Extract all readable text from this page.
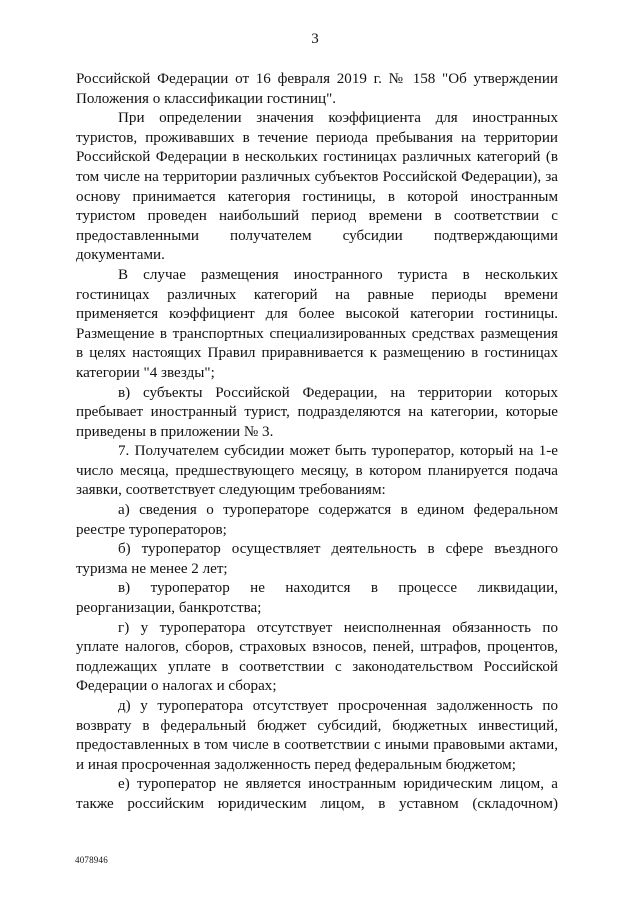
3

Российской Федерации от 16 февраля 2019 г. № 158 "Об утверждении Положения о классификации гостиниц".

При определении значения коэффициента для иностранных туристов, проживавших в течение периода пребывания на территории Российской Федерации в нескольких гостиницах различных категорий (в том числе на территории различных субъектов Российской Федерации), за основу принимается категория гостиницы, в которой иностранным туристом проведен наибольший период времени в соответствии с предоставленными получателем субсидии подтверждающими документами.

В случае размещения иностранного туриста в нескольких гостиницах различных категорий на равные периоды времени применяется коэффициент для более высокой категории гостиницы. Размещение в транспортных специализированных средствах размещения в целях настоящих Правил приравнивается к размещению в гостиницах категории "4 звезды";

в) субъекты Российской Федерации, на территории которых пребывает иностранный турист, подразделяются на категории, которые приведены в приложении № 3.

7. Получателем субсидии может быть туроператор, который на 1-е число месяца, предшествующего месяцу, в котором планируется подача заявки, соответствует следующим требованиям:

а) сведения о туроператоре содержатся в едином федеральном реестре туроператоров;

б) туроператор осуществляет деятельность в сфере въездного туризма не менее 2 лет;

в) туроператор не находится в процессе ликвидации, реорганизации, банкротства;

г) у туроператора отсутствует неисполненная обязанность по уплате налогов, сборов, страховых взносов, пеней, штрафов, процентов, подлежащих уплате в соответствии с законодательством Российской Федерации о налогах и сборах;

д) у туроператора отсутствует просроченная задолженность по возврату в федеральный бюджет субсидий, бюджетных инвестиций, предоставленных в том числе в соответствии с иными правовыми актами, и иная просроченная задолженность перед федеральным бюджетом;

е) туроператор не является иностранным юридическим лицом, а также российским юридическим лицом, в уставном (складочном)

4078946
